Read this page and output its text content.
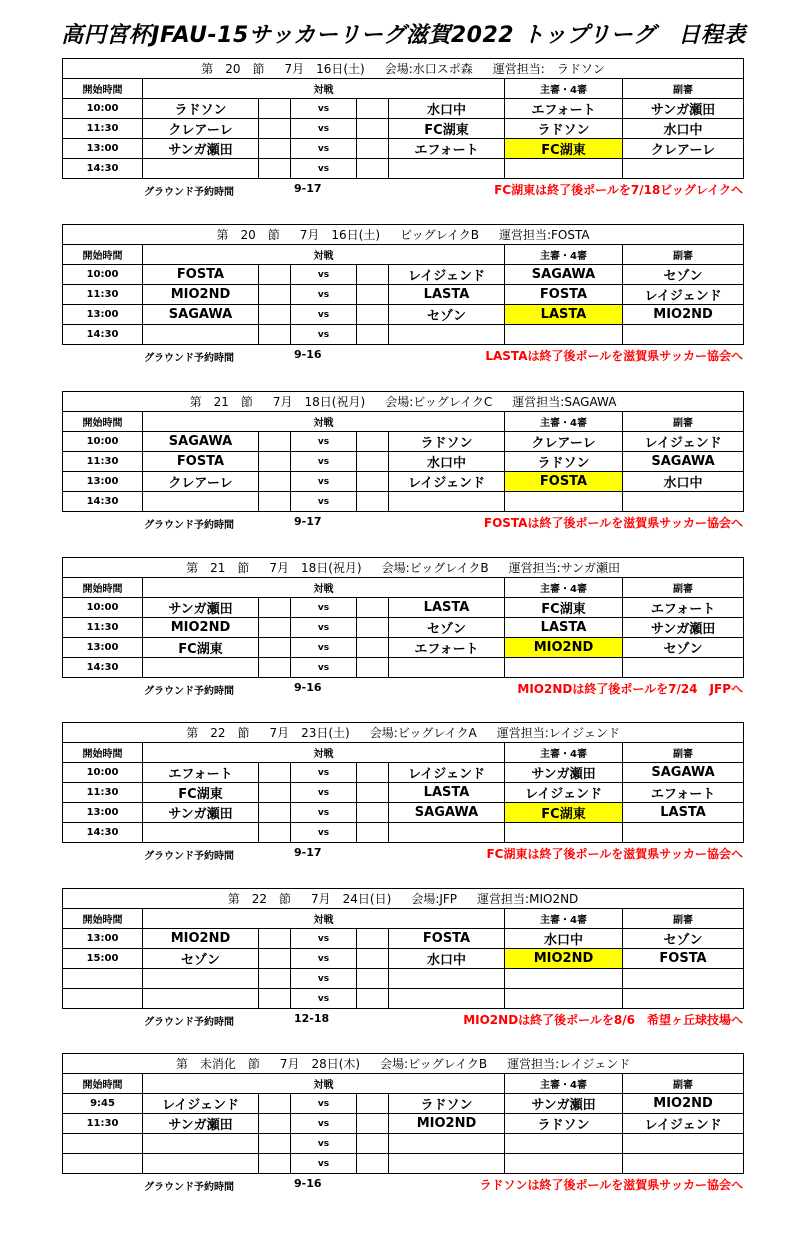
高円宮杯JFAU-15サッカーリーグ滋賀2022 トップリーグ　日程表
第　20　節 7月　16日(土) 会場:水口スポ森 運営担当:　ラドソン							
開始時間	対戦					主審・4審	副審
10:00	ラドソン		vs		水口中	エフォート	サンガ瀬田
11:30	クレアーレ		vs		FC湖東	ラドソン	水口中
13:00	サンガ瀬田		vs		エフォート	FC湖東	クレアーレ
14:30			vs				
グラウンド予約時間	9-17	FC湖東は終了後ポールを7/18ビッグレイクへ
第　20　節 7月　16日(土) ビッグレイクB 運営担当:FOSTA							
開始時間	対戦					主審・4審	副審
10:00	FOSTA		vs		レイジェンド	SAGAWA	セゾン
11:30	MIO2ND		vs		LASTA	FOSTA	レイジェンド
13:00	SAGAWA		vs		セゾン	LASTA	MIO2ND
14:30			vs				
グラウンド予約時間	9-16	LASTAは終了後ポールを滋賀県サッカー協会へ
第　21　節 7月　18日(祝月) 会場:ビッグレイクC 運営担当:SAGAWA							
開始時間	対戦					主審・4審	副審
10:00	SAGAWA		vs		ラドソン	クレアーレ	レイジェンド
11:30	FOSTA		vs		水口中	ラドソン	SAGAWA
13:00	クレアーレ		vs		レイジェンド	FOSTA	水口中
14:30			vs				
グラウンド予約時間	9-17	FOSTAは終了後ポールを滋賀県サッカー協会へ
第　21　節 7月　18日(祝月) 会場:ビッグレイクB 運営担当:サンガ瀬田							
開始時間	対戦					主審・4審	副審
10:00	サンガ瀬田		vs		LASTA	FC湖東	エフォート
11:30	MIO2ND		vs		セゾン	LASTA	サンガ瀬田
13:00	FC湖東		vs		エフォート	MIO2ND	セゾン
14:30			vs				
グラウンド予約時間	9-16	MIO2NDは終了後ポールを7/24　JFPへ
第　22　節 7月　23日(土) 会場:ビッグレイクA 運営担当:レイジェンド							
開始時間	対戦					主審・4審	副審
10:00	エフォート		vs		レイジェンド	サンガ瀬田	SAGAWA
11:30	FC湖東		vs		LASTA	レイジェンド	エフォート
13:00	サンガ瀬田		vs		SAGAWA	FC湖東	LASTA
14:30			vs				
グラウンド予約時間	9-17	FC湖東は終了後ポールを滋賀県サッカー協会へ
第　22　節 7月　24日(日) 会場:JFP 運営担当:MIO2ND							
開始時間	対戦					主審・4審	副審
13:00	MIO2ND		vs		FOSTA	水口中	セゾン
15:00	セゾン		vs		水口中	MIO2ND	FOSTA
			vs				
			vs				
グラウンド予約時間	12-18	MIO2NDは終了後ポールを8/6　希望ヶ丘球技場へ
第　未消化　節 7月　28日(木) 会場:ビッグレイクB 運営担当:レイジェンド							
開始時間	対戦					主審・4審	副審
9:45	レイジェンド		vs		ラドソン	サンガ瀬田	MIO2ND
11:30	サンガ瀬田		vs		MIO2ND	ラドソン	レイジェンド
			vs				
			vs				
グラウンド予約時間	9-16	ラドソンは終了後ポールを滋賀県サッカー協会へ
